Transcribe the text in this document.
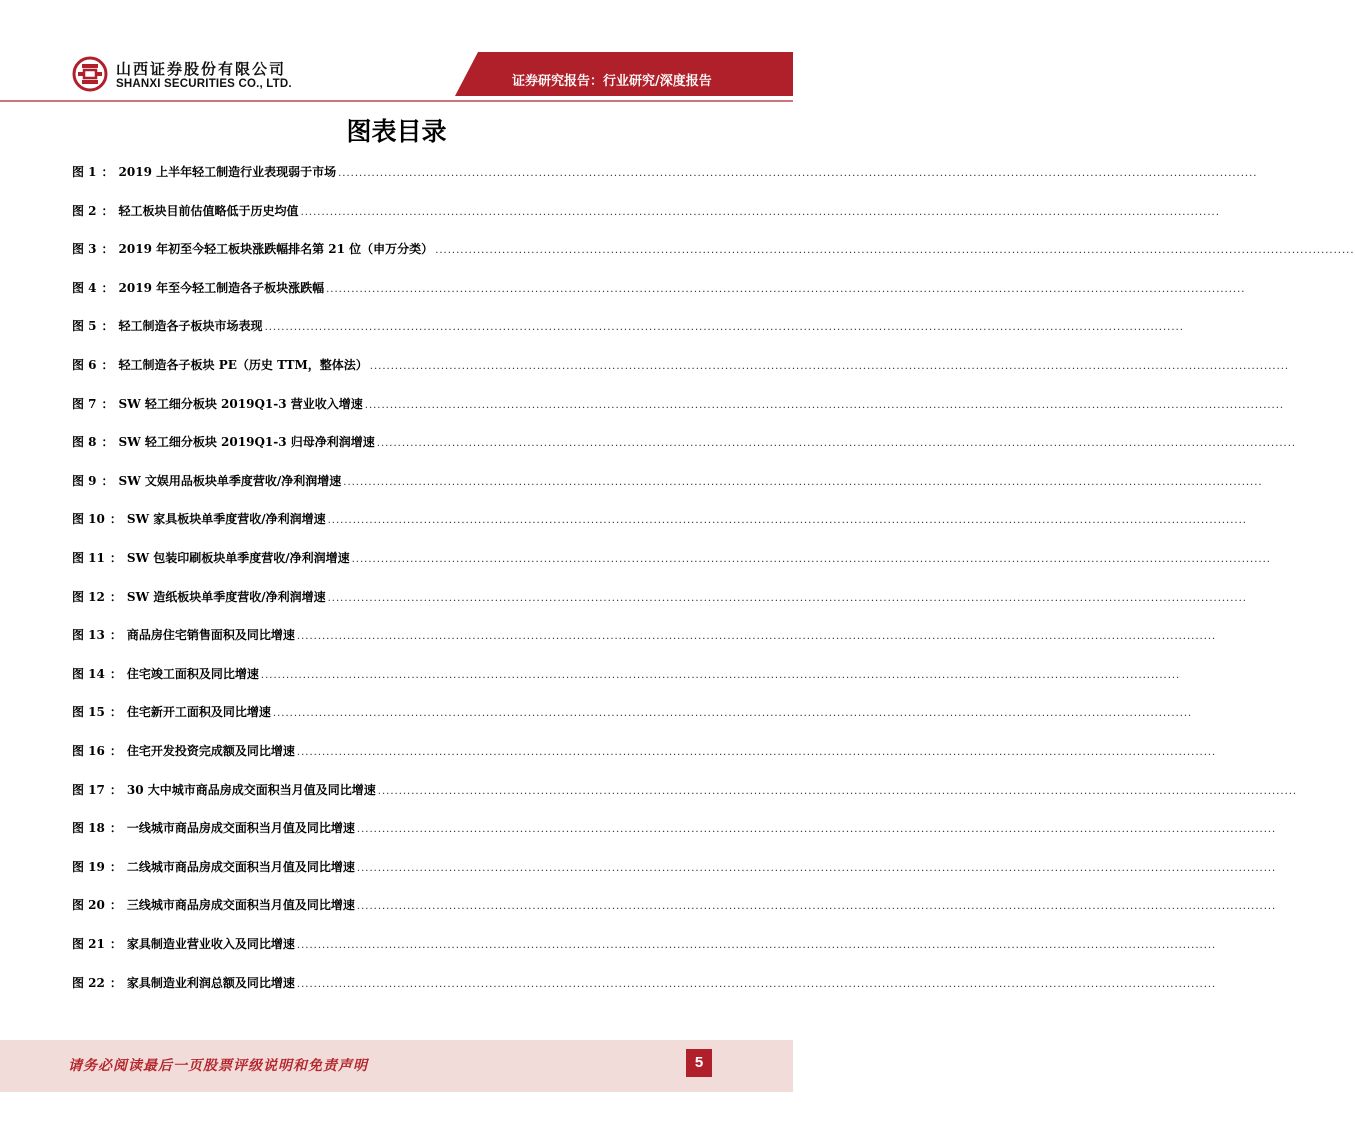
山西证券股份有限公司
SHANXI SECURITIES CO., LTD.	证券研究报告：行业研究/深度报告
图表目录
图 1 ： 2019 上半年轻工制造行业表现弱于市场 ............................................................................................................................................................................................................................
图 2 ： 轻工板块目前估值略低于历史均值 ............................................................................................................................................................................................................................
图 3 ： 2019 年初至今轻工板块涨跌幅排名第 21 位（申万分类） ............................................................................................................................................................................................................................
图 4 ： 2019 年至今轻工制造各子板块涨跌幅 ............................................................................................................................................................................................................................
图 5 ： 轻工制造各子板块市场表现 ............................................................................................................................................................................................................................
图 6 ： 轻工制造各子板块 PE（历史 TTM，整体法） ............................................................................................................................................................................................................................
图 7 ： SW 轻工细分板块 2019Q1-3 营业收入增速 ............................................................................................................................................................................................................................
图 8 ： SW 轻工细分板块 2019Q1-3 归母净利润增速 ............................................................................................................................................................................................................................
图 9 ： SW 文娱用品板块单季度营收/净利润增速 ............................................................................................................................................................................................................................
图 10 ： SW 家具板块单季度营收/净利润增速 ............................................................................................................................................................................................................................
图 11 ： SW 包装印刷板块单季度营收/净利润增速 ............................................................................................................................................................................................................................
图 12 ： SW 造纸板块单季度营收/净利润增速 ............................................................................................................................................................................................................................
图 13 ： 商品房住宅销售面积及同比增速 ............................................................................................................................................................................................................................
图 14 ： 住宅竣工面积及同比增速 ............................................................................................................................................................................................................................
图 15 ： 住宅新开工面积及同比增速 ............................................................................................................................................................................................................................
图 16 ： 住宅开发投资完成额及同比增速 ............................................................................................................................................................................................................................
图 17 ： 30 大中城市商品房成交面积当月值及同比增速 ............................................................................................................................................................................................................................
图 18 ： 一线城市商品房成交面积当月值及同比增速 ............................................................................................................................................................................................................................
图 19 ： 二线城市商品房成交面积当月值及同比增速 ............................................................................................................................................................................................................................
图 20 ： 三线城市商品房成交面积当月值及同比增速 ............................................................................................................................................................................................................................
图 21 ： 家具制造业营业收入及同比增速 ............................................................................................................................................................................................................................
图 22 ： 家具制造业利润总额及同比增速 ............................................................................................................................................................................................................................
请务必阅读最后一页股票评级说明和免责声明	5
